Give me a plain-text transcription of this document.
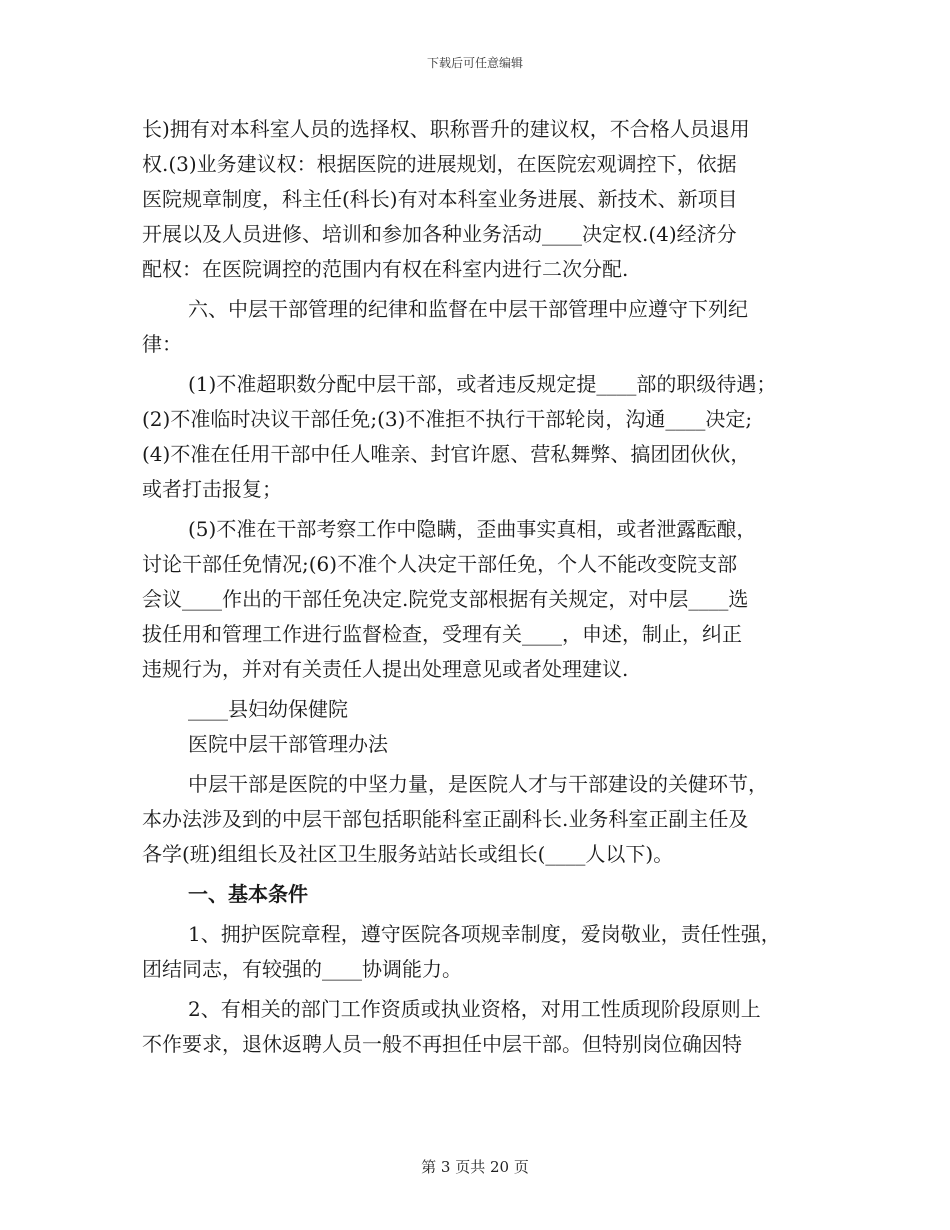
下载后可任意编辑
长)拥有对本科室人员的选择权、职称晋升的建议权，不合格人员退用
权.(3)业务建议权：根据医院的进展规划，在医院宏观调控下，依据
医院规章制度，科主任(科长)有对本科室业务进展、新技术、新项目
开展以及人员进修、培训和参加各种业务活动____决定权.(4)经济分
配权：在医院调控的范围内有权在科室内进行二次分配.
六、中层干部管理的纪律和监督在中层干部管理中应遵守下列纪
律：
(1)不准超职数分配中层干部，或者违反规定提____部的职级待遇；
(2)不准临时决议干部任免;(3)不准拒不执行干部轮岗，沟通____决定;
(4)不准在任用干部中任人唯亲、封官许愿、营私舞弊、搞团团伙伙，
或者打击报复；
(5)不准在干部考察工作中隐瞒，歪曲事实真相，或者泄露酝酿，
讨论干部任免情况;(6)不准个人决定干部任免，个人不能改变院支部
会议____作出的干部任免决定.院党支部根据有关规定，对中层____选
拔任用和管理工作进行监督检查，受理有关____，申述，制止，纠正
违规行为，并对有关责任人提出处理意见或者处理建议.
____县妇幼保健院
医院中层干部管理办法
中层干部是医院的中坚力量，是医院人才与干部建设的关健环节，
本办法涉及到的中层干部包括职能科室正副科长.业务科室正副主任及
各学(班)组组长及社区卫生服务站站长或组长(____人以下)。
一、基本条件
1、拥护医院章程，遵守医院各项规幸制度，爱岗敬业，责任性强，
团结同志，有较强的____协调能力。
2、有相关的部门工作资质或执业资格，对用工性质现阶段原则上
不作要求，退休返聘人员一般不再担任中层干部。但特别岗位确因特
第 3 页共 20 页
